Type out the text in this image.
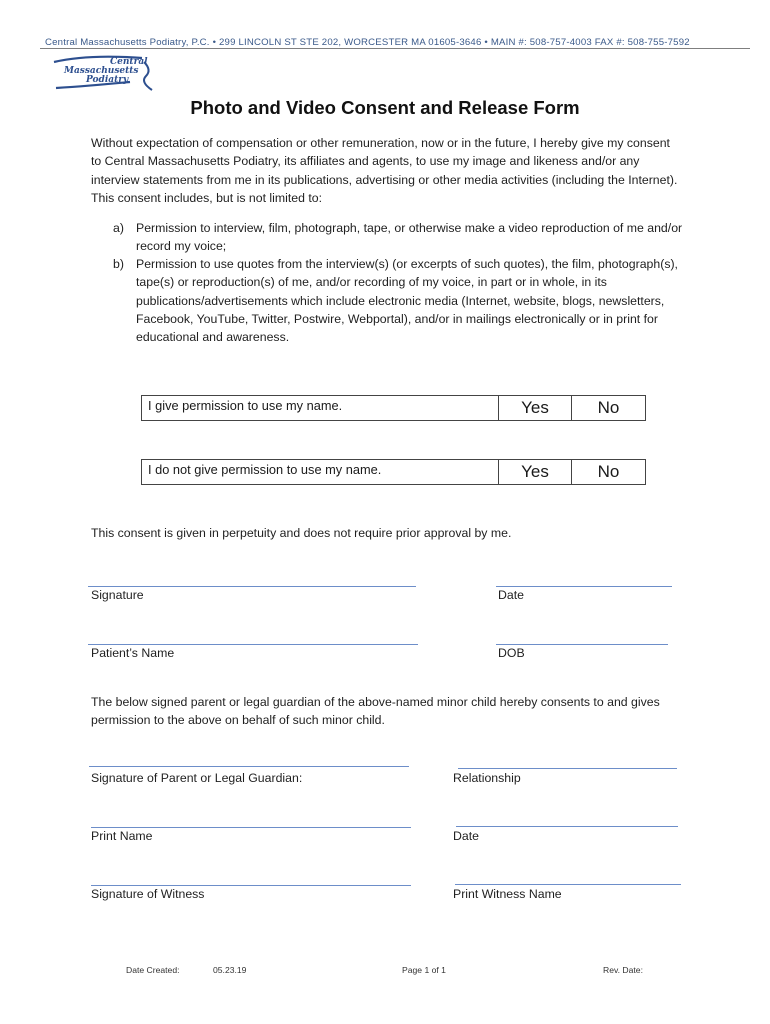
Central Massachusetts Podiatry, P.C. • 299 LINCOLN ST STE 202, WORCESTER MA 01605-3646 • MAIN #: 508-757-4003 FAX #: 508-755-7592
Central
Massachusetts
Podiatry
Photo and Video Consent and Release Form
Without expectation of compensation or other remuneration, now or in the future, I hereby give my consent to Central Massachusetts Podiatry, its affiliates and agents, to use my image and likeness and/or any interview statements from me in its publications, advertising or other media activities (including the Internet). This consent includes, but is not limited to:
a) Permission to interview, film, photograph, tape, or otherwise make a video reproduction of me and/or record my voice;
b) Permission to use quotes from the interview(s) (or excerpts of such quotes), the film, photograph(s), tape(s) or reproduction(s) of me, and/or recording of my voice, in part or in whole, in its publications/advertisements which include electronic media (Internet, website, blogs, newsletters, Facebook, YouTube, Twitter, Postwire, Webportal), and/or in mailings electronically or in print for educational and awareness.
I give permission to use my name.	Yes	No
I do not give permission to use my name.	Yes	No
This consent is given in perpetuity and does not require prior approval by me.
Signature	Date
Patient’s Name	DOB
The below signed parent or legal guardian of the above-named minor child hereby consents to and gives permission to the above on behalf of such minor child.
Signature of Parent or Legal Guardian:	Relationship
Print Name	Date
Signature of Witness	Print Witness Name
Date Created:	05.23.19	Page 1 of 1	Rev. Date:
